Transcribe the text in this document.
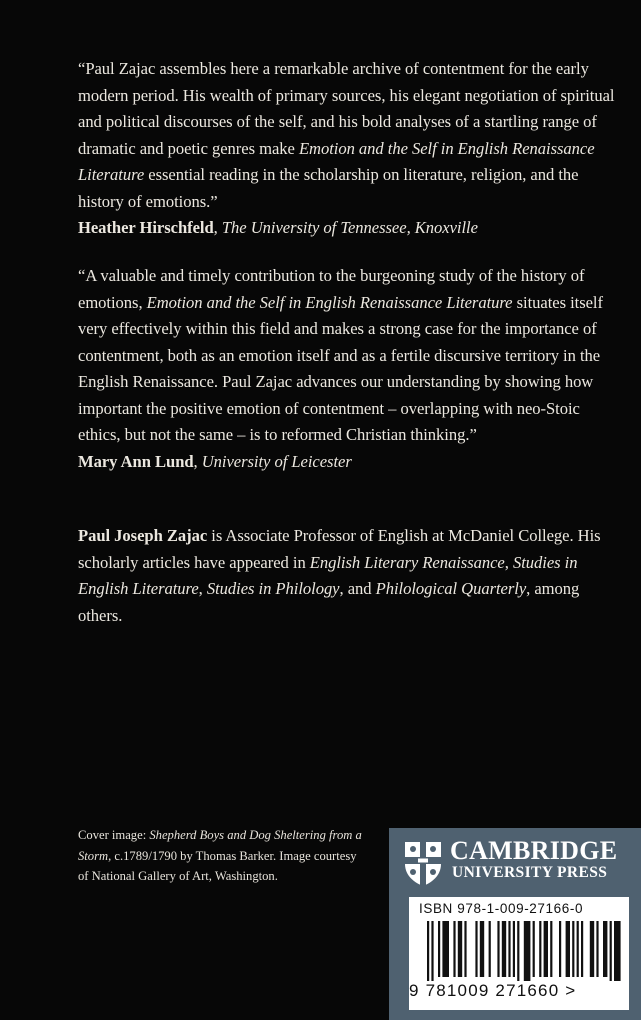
“Paul Zajac assembles here a remarkable archive of contentment for the early modern period. His wealth of primary sources, his elegant negotiation of spiritual and political discourses of the self, and his bold analyses of a startling range of dramatic and poetic genres make Emotion and the Self in English Renaissance Literature essential reading in the scholarship on literature, religion, and the history of emotions.”

Heather Hirschfeld, The University of Tennessee, Knoxville

“A valuable and timely contribution to the burgeoning study of the history of emotions, Emotion and the Self in English Renaissance Literature situates itself very effectively within this field and makes a strong case for the importance of contentment, both as an emotion itself and as a fertile discursive territory in the English Renaissance. Paul Zajac advances our understanding by showing how important the positive emotion of contentment – overlapping with neo-Stoic ethics, but not the same – is to reformed Christian thinking.”

Mary Ann Lund, University of Leicester

Paul Joseph Zajac is Associate Professor of English at McDaniel College. His scholarly articles have appeared in English Literary Renaissance, Studies in English Literature, Studies in Philology, and Philological Quarterly, among others.

Cover image: Shepherd Boys and Dog Sheltering from a Storm, c.1789/1790 by Thomas Barker. Image courtesy of National Gallery of Art, Washington.
CAMBRIDGE
UNIVERSITY PRESS
ISBN 978-1-009-27166-0
9 781009 271660 >
